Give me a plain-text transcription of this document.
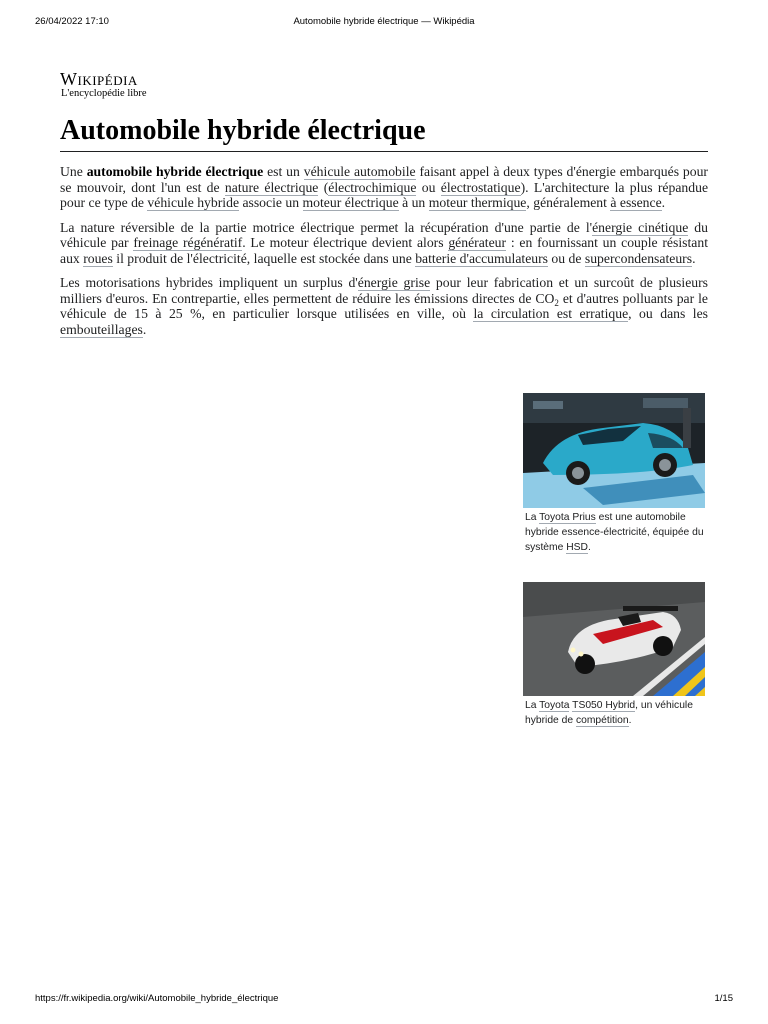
26/04/2022 17:10	Automobile hybride électrique — Wikipédia
Wikipédia
L'encyclopédie libre
Automobile hybride électrique

Une automobile hybride électrique est un véhicule automobile faisant appel à deux types d'énergie embarqués pour se mouvoir, dont l'un est de nature électrique (électrochimique ou électrostatique). L'architecture la plus répandue pour ce type de véhicule hybride associe un moteur électrique à un moteur thermique, généralement à essence.

La nature réversible de la partie motrice électrique permet la récupération d'une partie de l'énergie cinétique du véhicule par freinage régénératif. Le moteur électrique devient alors générateur : en fournissant un couple résistant aux roues il produit de l'électricité, laquelle est stockée dans une batterie d'accumulateurs ou de supercondensateurs.

Les motorisations hybrides impliquent un surplus d'énergie grise pour leur fabrication et un surcoût de plusieurs milliers d'euros. En contrepartie, elles permettent de réduire les émissions directes de $CO_2$ et d'autres polluants par le véhicule de 15 à 25 %, en particulier lorsque utilisées en ville, où la circulation est erratique, ou dans les embouteillages.

La Toyota Prius est une automobile hybride essence-électricité, équipée du système HSD.
La Toyota TS050 Hybrid, un véhicule hybride de compétition.
https://fr.wikipedia.org/wiki/Automobile_hybride_électrique	1/15
